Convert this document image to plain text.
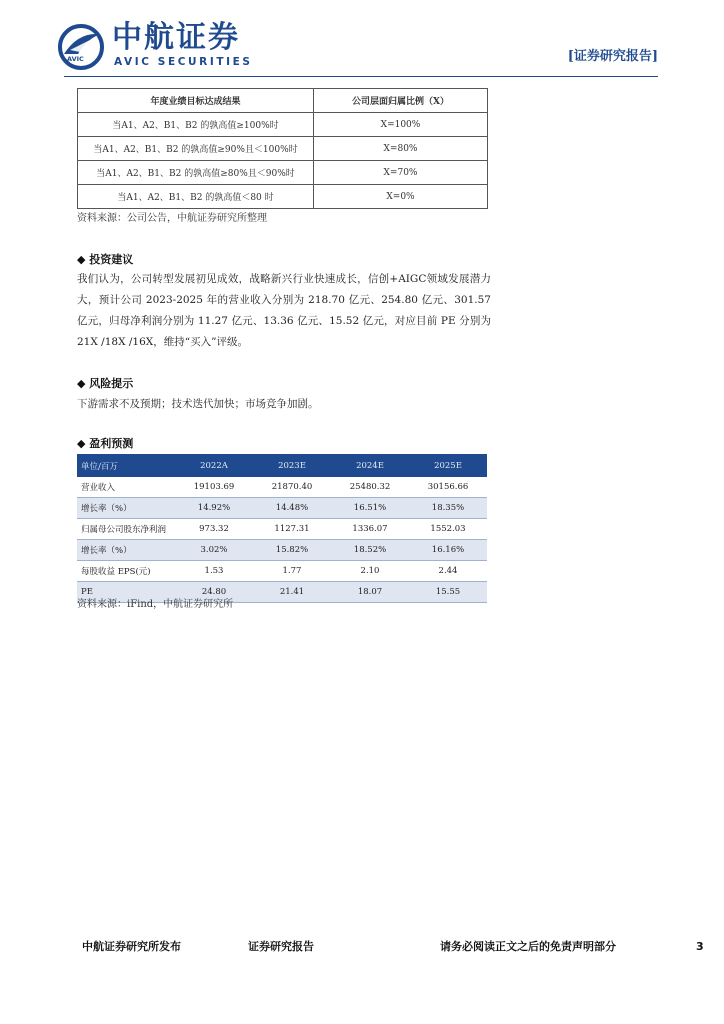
AVIC
中航证券
AVIC SECURITIES	[证券研究报告]
年度业绩目标达成结果	公司层面归属比例（X）
当A1、A2、B1、B2 的孰高值≥100%时	X=100%
当A1、A2、B1、B2 的孰高值≥90%且＜100%时	X=80%
当A1、A2、B1、B2 的孰高值≥80%且＜90%时	X=70%
当A1、A2、B1、B2 的孰高值＜80 时	X=0%
资料来源：公司公告，中航证券研究所整理
◆ 投资建议
我们认为，公司转型发展初见成效，战略新兴行业快速成长，信创+AIGC领域发展潜力大，预计公司 2023-2025 年的营业收入分别为 218.70 亿元、254.80 亿元、301.57 亿元，归母净利润分别为 11.27 亿元、13.36 亿元、15.52 亿元，对应目前 PE 分别为 21X /18X /16X，维持“买入”评级。
◆ 风险提示
下游需求不及预期；技术迭代加快；市场竞争加剧。
◆ 盈利预测
单位/百万	2022A	2023E	2024E	2025E
营业收入	19103.69	21870.40	25480.32	30156.66
增长率（%）	14.92%	14.48%	16.51%	18.35%
归属母公司股东净利润	973.32	1127.31	1336.07	1552.03
增长率（%）	3.02%	15.82%	18.52%	16.16%
每股收益 EPS(元)	1.53	1.77	2.10	2.44
PE	24.80	21.41	18.07	15.55
资料来源：iFind，中航证券研究所
中航证券研究所发布	证券研究报告	请务必阅读正文之后的免责声明部分	3
